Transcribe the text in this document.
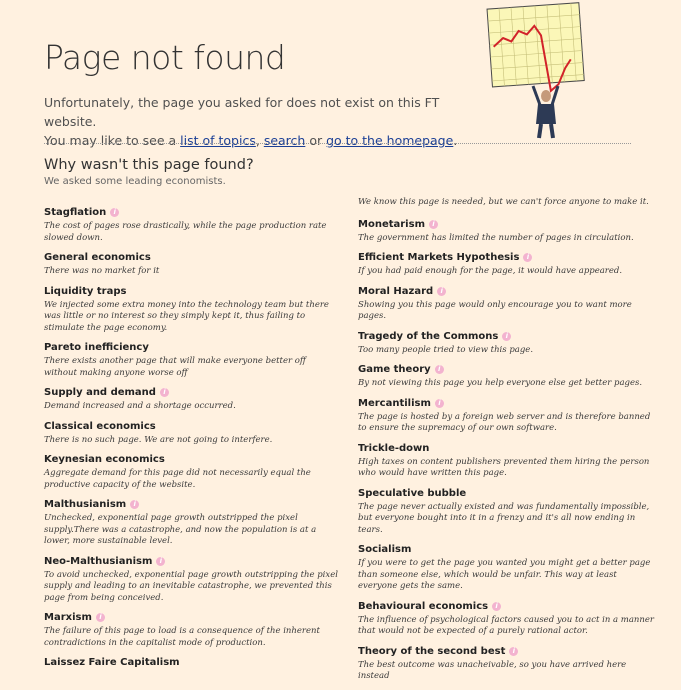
Page not found
Unfortunately, the page you asked for does not exist on this FT website.
You may like to see a list of topics, search or go to the homepage.
Why wasn't this page found?
We asked some leading economists.
Stagflation	i
The cost of pages rose drastically, while the page production rate slowed down.
General economics
There was no market for it
Liquidity traps
We injected some extra money into the technology team but there was little or no interest so they simply kept it, thus failing to stimulate the page economy.
Pareto inefficiency
There exists another page that will make everyone better off without making anyone worse off
Supply and demand	i
Demand increased and a shortage occurred.
Classical economics
There is no such page. We are not going to interfere.
Keynesian economics
Aggregate demand for this page did not necessarily equal the productive capacity of the website.
Malthusianism	i
Unchecked, exponential page growth outstripped the pixel supply.There was a catastrophe, and now the population is at a lower, more sustainable level.
Neo-Malthusianism	i
To avoid unchecked, exponential page growth outstripping the pixel supply and leading to an inevitable catastrophe, we prevented this page from being conceived.
Marxism	i
The failure of this page to load is a consequence of the inherent contradictions in the capitalist mode of production.
Laissez Faire Capitalism
We know this page is needed, but we can't force anyone to make it.
Monetarism	i
The government has limited the number of pages in circulation.
Efficient Markets Hypothesis	i
If you had paid enough for the page, it would have appeared.
Moral Hazard	i
Showing you this page would only encourage you to want more pages.
Tragedy of the Commons	i
Too many people tried to view this page.
Game theory	i
By not viewing this page you help everyone else get better pages.
Mercantilism	i
The page is hosted by a foreign web server and is therefore banned to ensure the supremacy of our own software.
Trickle-down
High taxes on content publishers prevented them hiring the person who would have written this page.
Speculative bubble
The page never actually existed and was fundamentally impossible, but everyone bought into it in a frenzy and it's all now ending in tears.
Socialism
If you were to get the page you wanted you might get a better page than someone else, which would be unfair. This way at least everyone gets the same.
Behavioural economics	i
The influence of psychological factors caused you to act in a manner that would not be expected of a purely rational actor.
Theory of the second best	i
The best outcome was unacheivable, so you have arrived here instead
